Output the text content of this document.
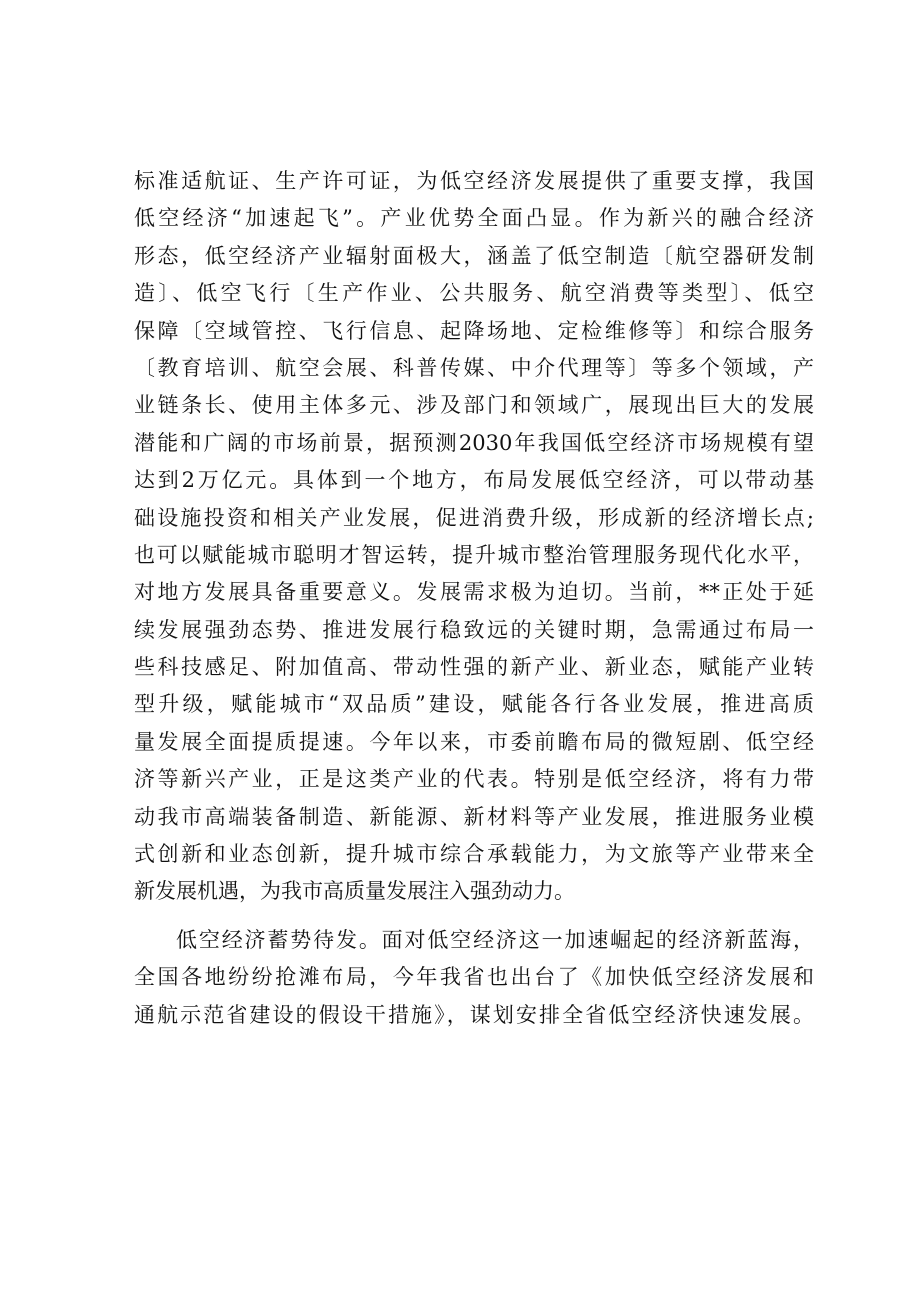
标准适航证、生产许可证，为低空经济发展提供了重要支撑，我国
低空经济“加速起飞”。产业优势全面凸显。作为新兴的融合经济
形态，低空经济产业辐射面极大，涵盖了低空制造〔航空器研发制
造〕、低空飞行〔生产作业、公共服务、航空消费等类型〕、低空
保障〔空域管控、飞行信息、起降场地、定检维修等〕和综合服务
〔教育培训、航空会展、科普传媒、中介代理等〕等多个领域，产
业链条长、使用主体多元、涉及部门和领域广，展现出巨大的发展
潜能和广阔的市场前景，据预测2030年我国低空经济市场规模有望
达到2万亿元。具体到一个地方，布局发展低空经济，可以带动基
础设施投资和相关产业发展，促进消费升级，形成新的经济增长点;
也可以赋能城市聪明才智运转，提升城市整治管理服务现代化水平，
对地方发展具备重要意义。发展需求极为迫切。当前，**正处于延
续发展强劲态势、推进发展行稳致远的关键时期，急需通过布局一
些科技感足、附加值高、带动性强的新产业、新业态，赋能产业转
型升级，赋能城市“双品质”建设，赋能各行各业发展，推进高质
量发展全面提质提速。今年以来，市委前瞻布局的微短剧、低空经
济等新兴产业，正是这类产业的代表。特别是低空经济，将有力带
动我市高端装备制造、新能源、新材料等产业发展，推进服务业模
式创新和业态创新，提升城市综合承载能力，为文旅等产业带来全
新发展机遇，为我市高质量发展注入强劲动力。
低空经济蓄势待发。面对低空经济这一加速崛起的经济新蓝海，
全国各地纷纷抢滩布局，今年我省也出台了《加快低空经济发展和
通航示范省建设的假设干措施》，谋划安排全省低空经济快速发展。
